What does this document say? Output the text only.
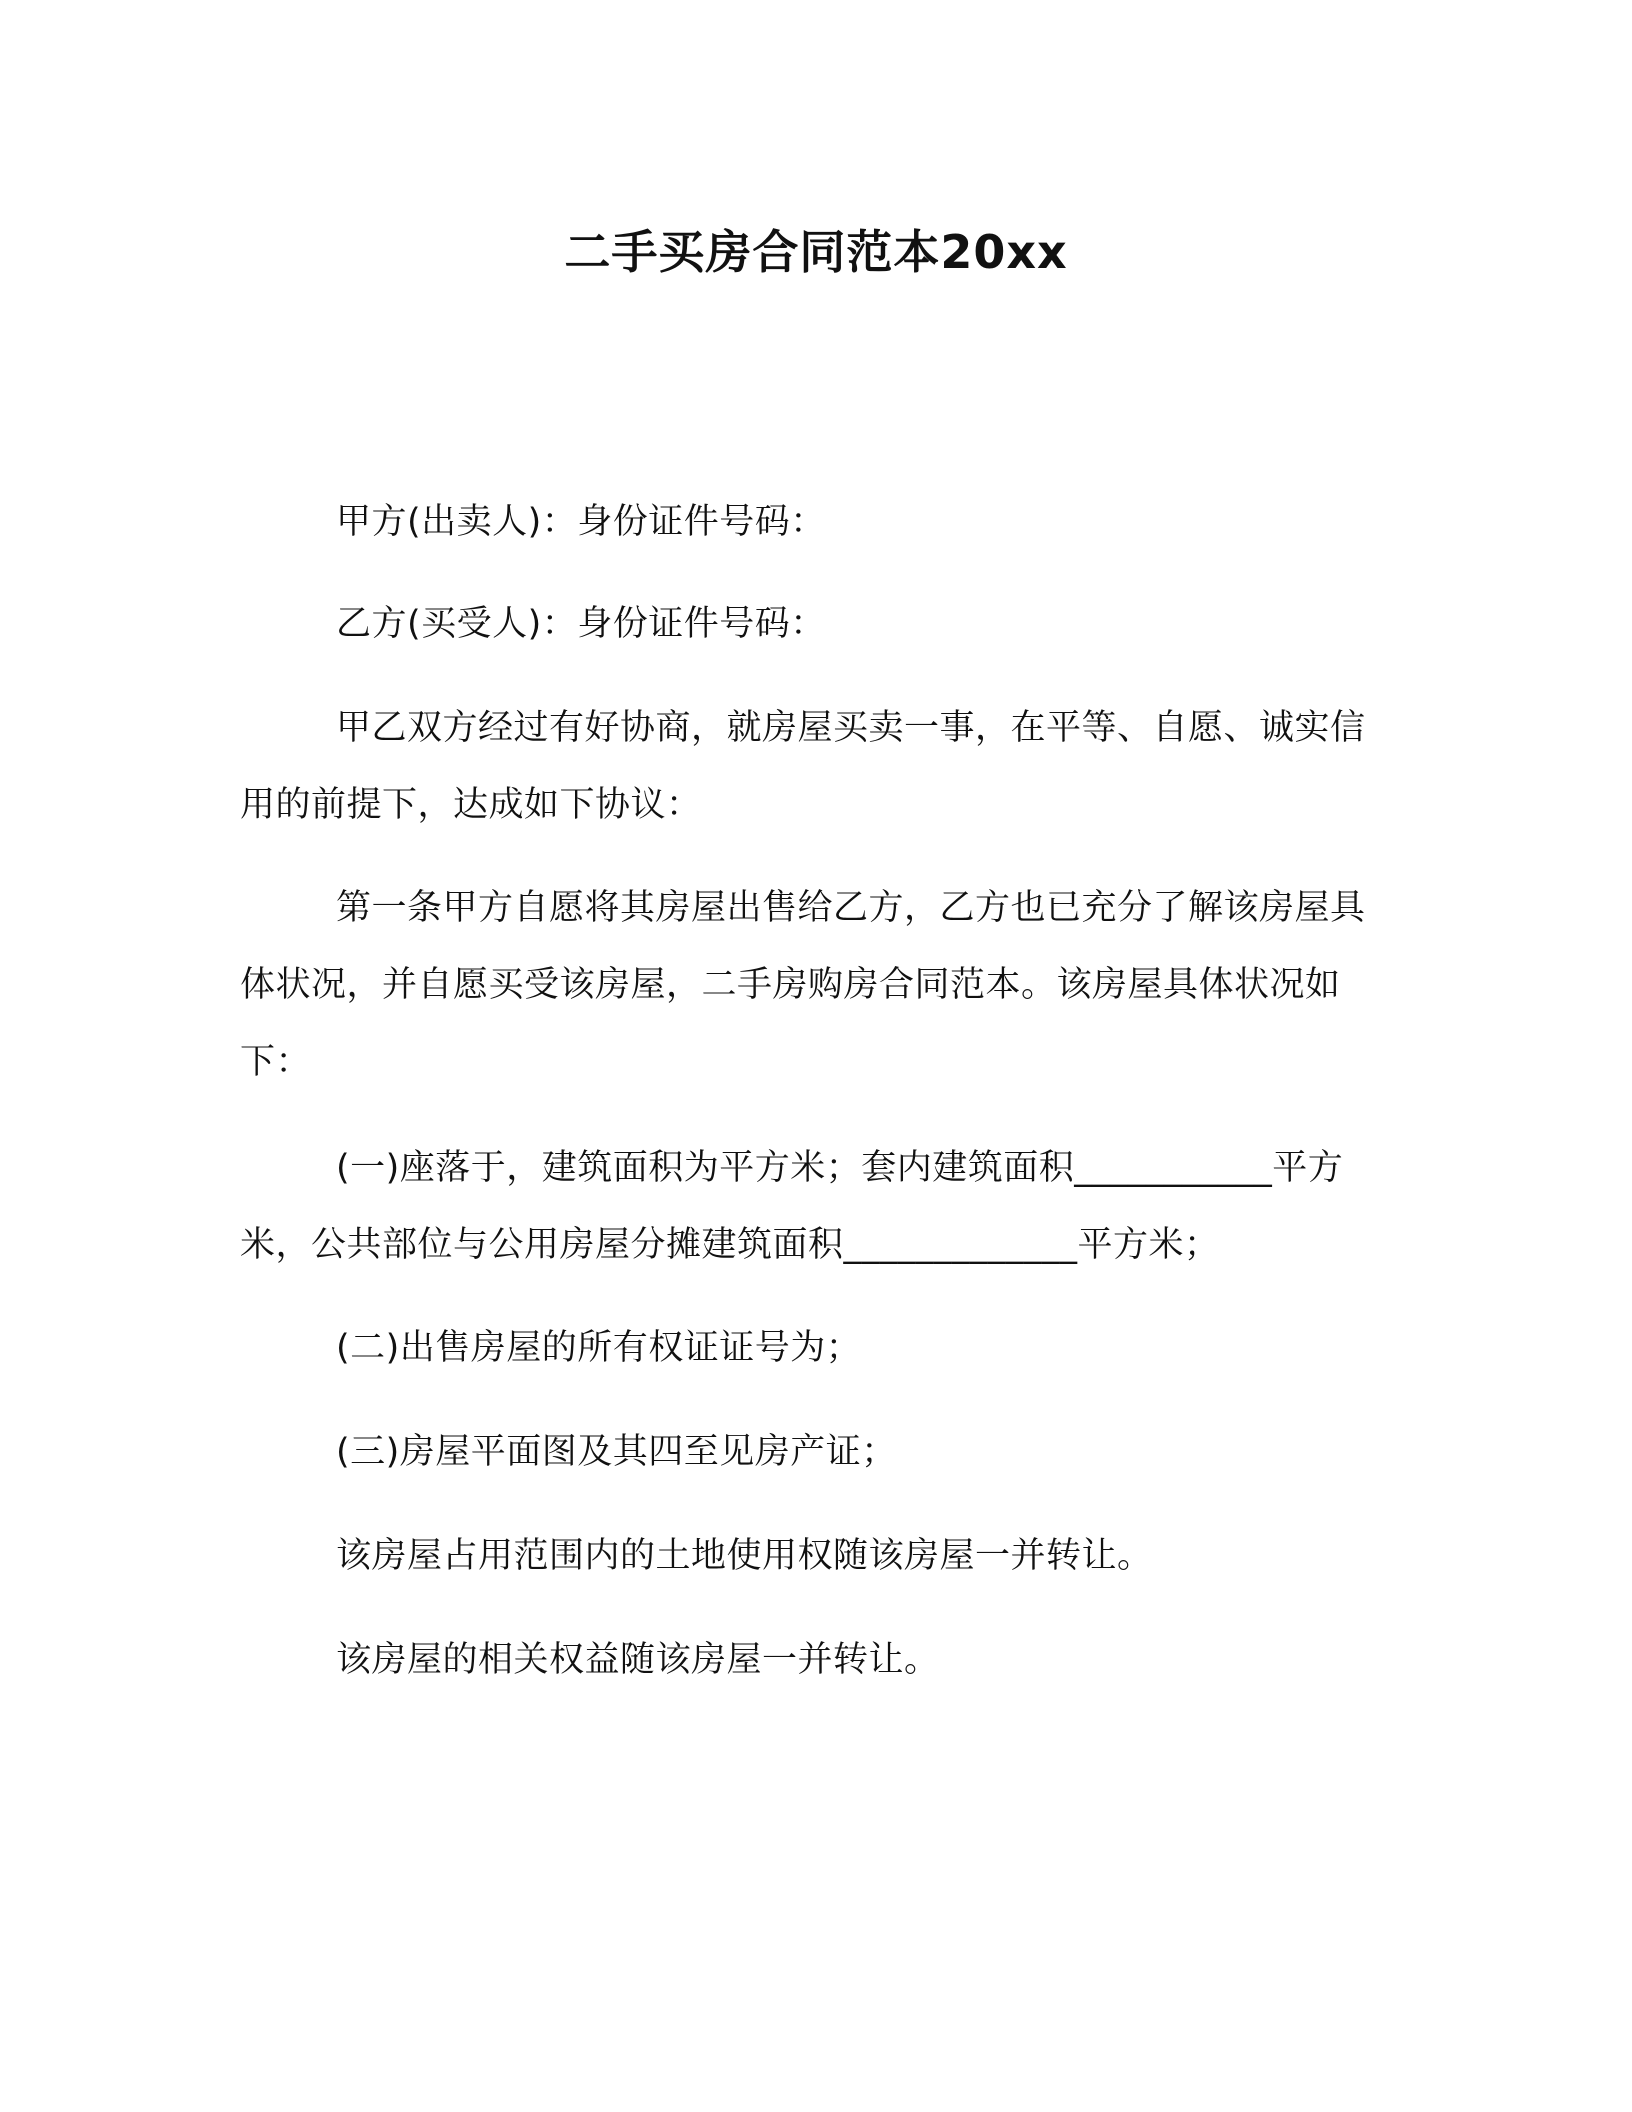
二手买房合同范本20xx

甲方(出卖人)：身份证件号码：

乙方(买受人)：身份证件号码：

甲乙双方经过有好协商，就房屋买卖一事，在平等、自愿、诚实信用的前提下，达成如下协议：

第一条甲方自愿将其房屋出售给乙方，乙方也已充分了解该房屋具体状况，并自愿买受该房屋，二手房购房合同范本。该房屋具体状况如下：

(一)座落于，建筑面积为平方米；套内建筑面积___________平方米，公共部位与公用房屋分摊建筑面积_____________平方米；

(二)出售房屋的所有权证证号为；

(三)房屋平面图及其四至见房产证；

该房屋占用范围内的土地使用权随该房屋一并转让。

该房屋的相关权益随该房屋一并转让。
